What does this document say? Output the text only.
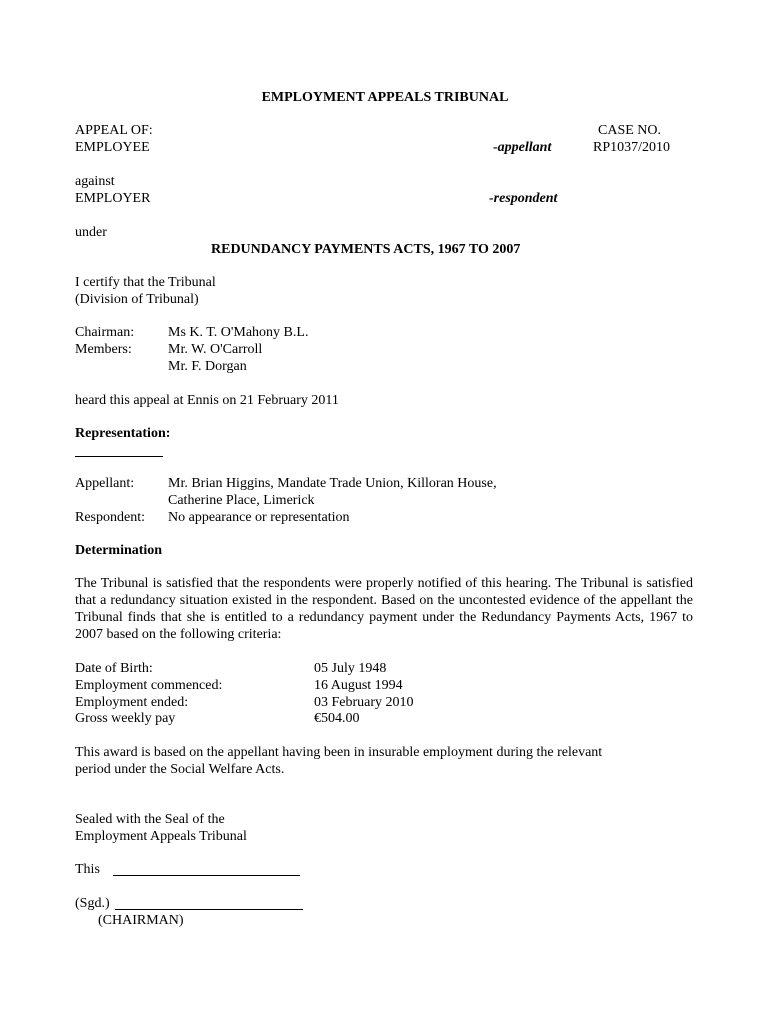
EMPLOYMENT APPEALS TRIBUNAL
APPEAL OF:	CASE NO.
EMPLOYEE	-appellant	RP1037/2010
against
EMPLOYER	-respondent
under
REDUNDANCY PAYMENTS ACTS, 1967 TO 2007
I certify that the Tribunal
(Division of Tribunal)
Chairman: Ms K. T. O'Mahony B.L.
Members:	Mr. W. O'Carroll
Mr. F. Dorgan
heard this appeal at Ennis on 21 February 2011
Representation:
Appellant: Mr. Brian Higgins, Mandate Trade Union, Killoran House,
Catherine Place, Limerick
Respondent: No appearance or representation
Determination
The Tribunal is satisfied that the respondents were properly notified of this hearing. The Tribunal is satisfied that a redundancy situation existed in the respondent. Based on the uncontested evidence of the appellant the Tribunal finds that she is entitled to a redundancy payment under the Redundancy Payments Acts, 1967 to 2007 based on the following criteria:
Date of Birth:	05 July 1948
Employment commenced:	16 August 1994
Employment ended:	03 February 2010
Gross weekly pay	€504.00
This award is based on the appellant having been in insurable employment during the relevant
period under the Social Welfare Acts.
Sealed with the Seal of the
Employment Appeals Tribunal
This
(Sgd.)
(CHAIRMAN)
